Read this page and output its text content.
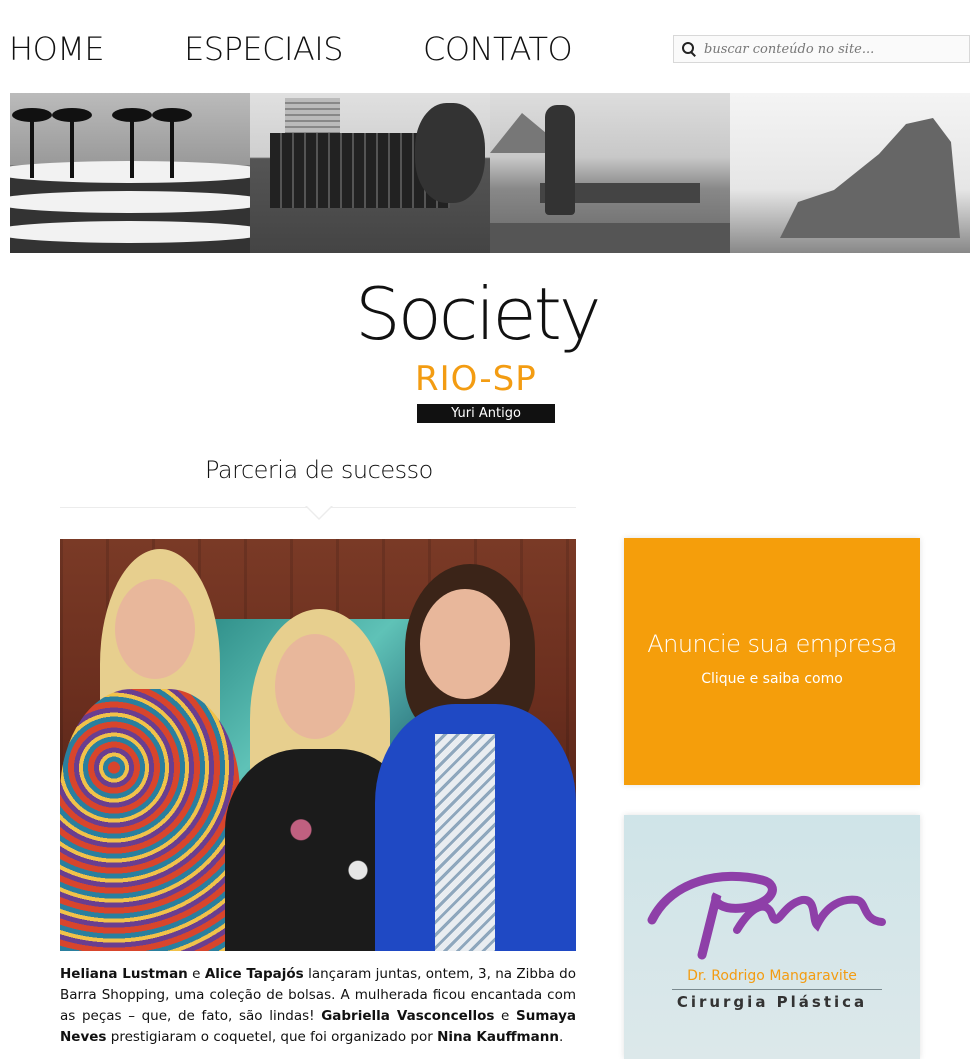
HOME	ESPECIAIS	CONTATO
buscar conteúdo no site...
Society
RIO-SP
Yuri Antigo
Parceria de sucesso

Heliana Lustman e Alice Tapajós lançaram juntas, ontem, 3, na Zibba do Barra Shopping, uma coleção de bolsas. A mulherada ficou encantada com as peças – que, de fato, são lindas! Gabriella Vasconcellos e Sumaya Neves prestigiaram o coquetel, que foi organizado por Nina Kauffmann.

Anuncie sua empresa
Clique e saiba como
Dr. Rodrigo Mangaravite
Cirurgia Plástica
